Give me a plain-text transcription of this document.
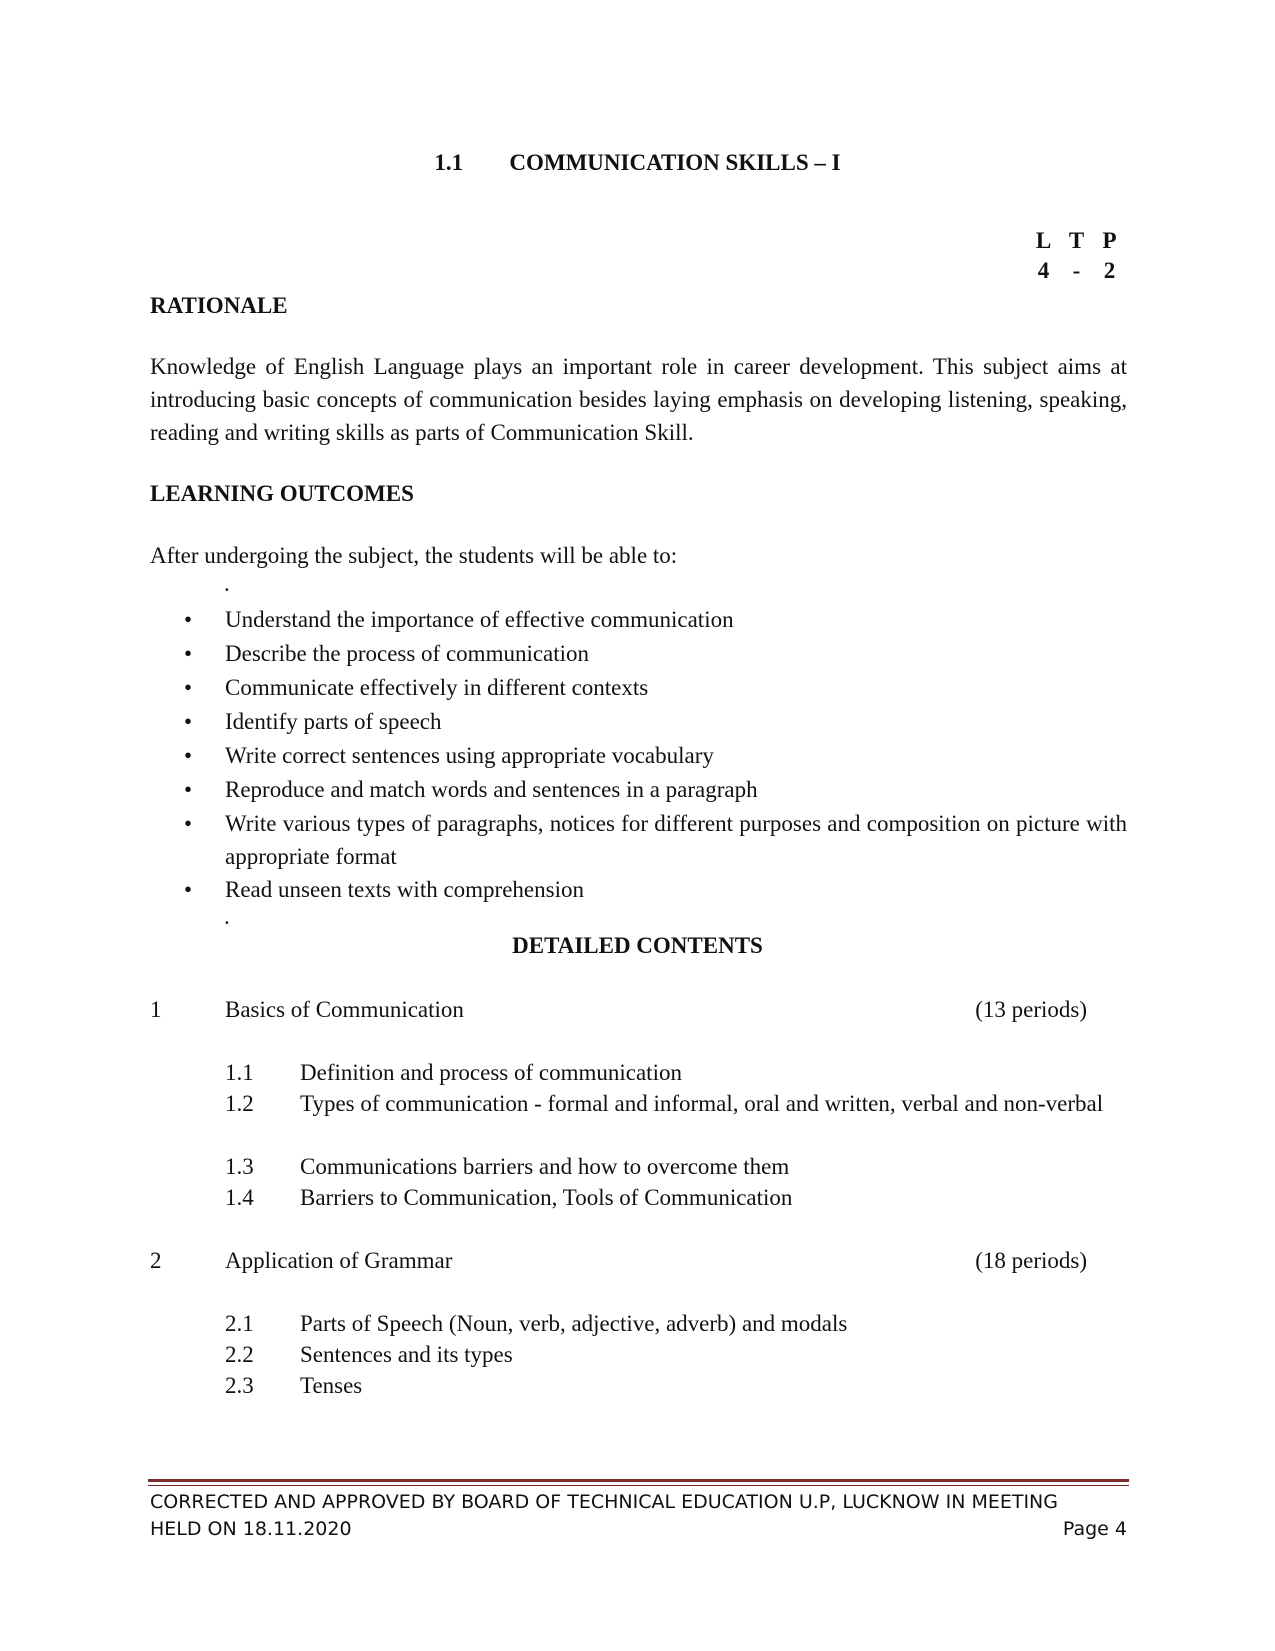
1.1 COMMUNICATION SKILLS – I
L T P
4 - 2
RATIONALE
Knowledge of English Language plays an important role in career development. This subject aims at introducing basic concepts of communication besides laying emphasis on developing listening, speaking, reading and writing skills as parts of Communication Skill.
LEARNING OUTCOMES
After undergoing the subject, the students will be able to:
.
• Understand the importance of effective communication
• Describe the process of communication
• Communicate effectively in different contexts
• Identify parts of speech
• Write correct sentences using appropriate vocabulary
• Reproduce and match words and sentences in a paragraph
• Write various types of paragraphs, notices for different purposes and composition on picture with appropriate format
• Read unseen texts with comprehension
.
DETAILED CONTENTS
1	Basics of Communication	(13 periods)
1.1 Definition and process of communication
1.2 Types of communication - formal and informal, oral and written, verbal and non-verbal
1.3 Communications barriers and how to overcome them
1.4 Barriers to Communication, Tools of Communication
2	Application of Grammar	(18 periods)
2.1 Parts of Speech (Noun, verb, adjective, adverb) and modals
2.2 Sentences and its types
2.3 Tenses
CORRECTED AND APPROVED BY BOARD OF TECHNICAL EDUCATION U.P, LUCKNOW IN MEETING
HELD ON 18.11.2020	Page 4
